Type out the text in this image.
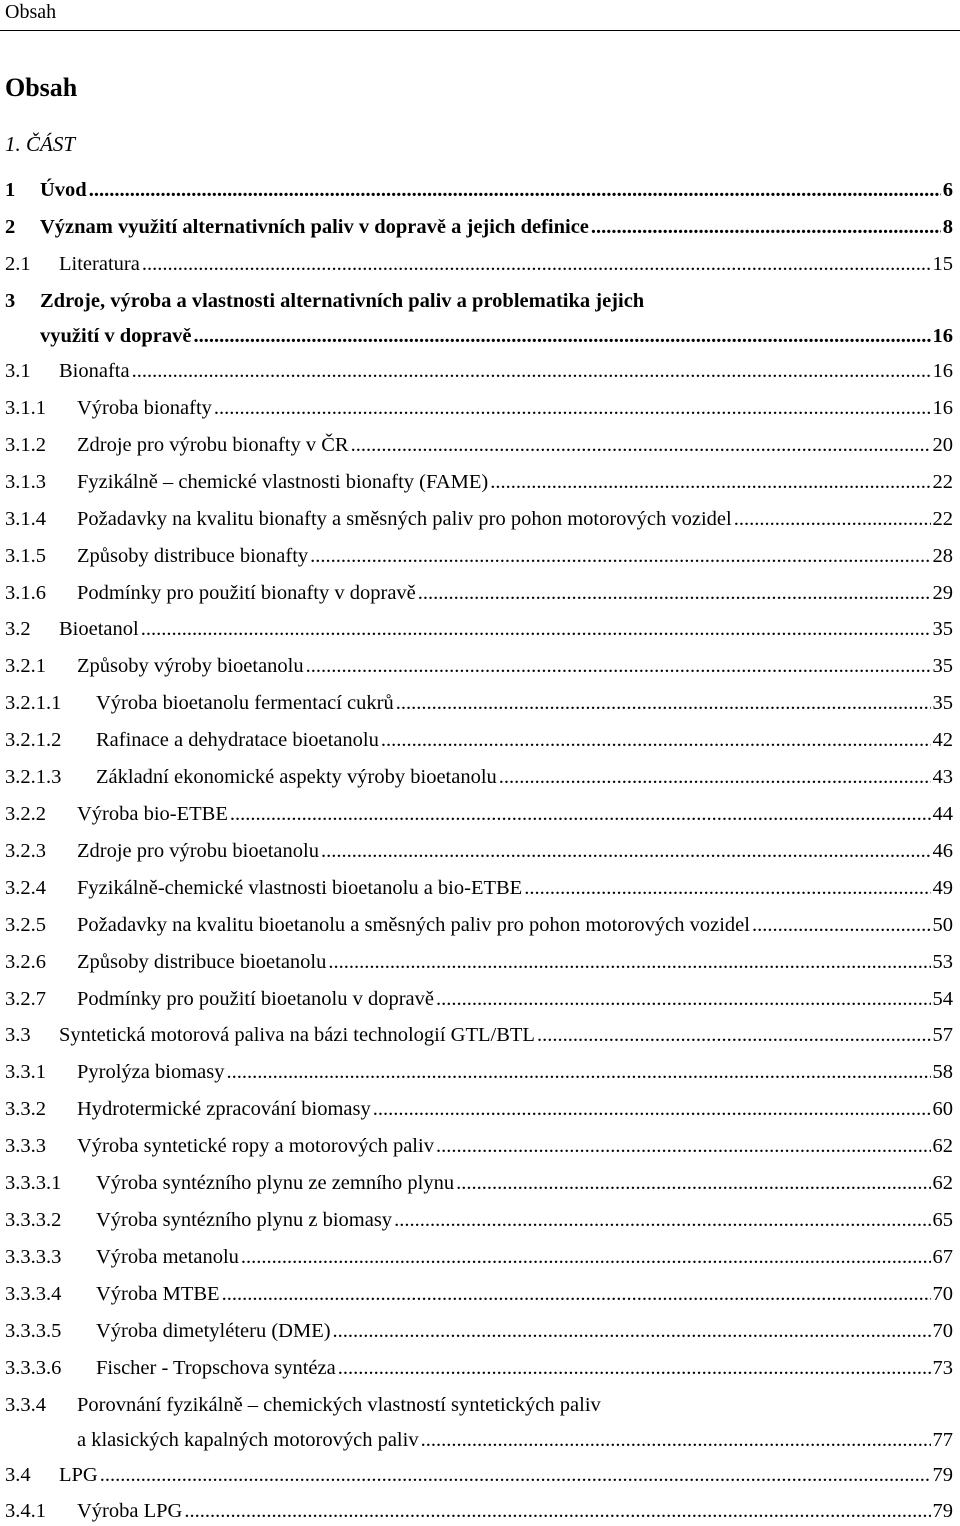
Obsah
Obsah
1. ČÁST
1 Úvod .....	6
2 Význam využití alternativních paliv v dopravě a jejich definice .....	8
2.1 Literatura .....	15
3 Zdroje, výroba a vlastnosti alternativních paliv a problematika jejich
využití v dopravě .....	16
3.1 Bionafta .....	16
3.1.1 Výroba bionafty .....	16
3.1.2 Zdroje pro výrobu bionafty v ČR .....	20
3.1.3 Fyzikálně – chemické vlastnosti bionafty (FAME) .....	22
3.1.4 Požadavky na kvalitu bionafty a směsných paliv pro pohon motorových vozidel .....	22
3.1.5 Způsoby distribuce bionafty .....	28
3.1.6 Podmínky pro použití bionafty v dopravě .....	29
3.2 Bioetanol .....	35
3.2.1 Způsoby výroby bioetanolu .....	35
3.2.1.1 Výroba bioetanolu fermentací cukrů .....	35
3.2.1.2 Rafinace a dehydratace bioetanolu .....	42
3.2.1.3 Základní ekonomické aspekty výroby bioetanolu .....	43
3.2.2 Výroba bio-ETBE .....	44
3.2.3 Zdroje pro výrobu bioetanolu .....	46
3.2.4 Fyzikálně-chemické vlastnosti bioetanolu a bio-ETBE .....	49
3.2.5 Požadavky na kvalitu bioetanolu a směsných paliv pro pohon motorových vozidel .....	50
3.2.6 Způsoby distribuce bioetanolu .....	53
3.2.7 Podmínky pro použití bioetanolu v dopravě .....	54
3.3 Syntetická motorová paliva na bázi technologií GTL/BTL .....	57
3.3.1 Pyrolýza biomasy .....	58
3.3.2 Hydrotermické zpracování biomasy .....	60
3.3.3 Výroba syntetické ropy a motorových paliv .....	62
3.3.3.1 Výroba syntézního plynu ze zemního plynu .....	62
3.3.3.2 Výroba syntézního plynu z biomasy .....	65
3.3.3.3 Výroba metanolu .....	67
3.3.3.4 Výroba MTBE .....	70
3.3.3.5 Výroba dimetyléteru (DME) .....	70
3.3.3.6 Fischer - Tropschova syntéza .....	73
3.3.4 Porovnání fyzikálně – chemických vlastností syntetických paliv
a klasických kapalných motorových paliv .....	77
3.4 LPG .....	79
3.4.1 Výroba LPG .....	79
